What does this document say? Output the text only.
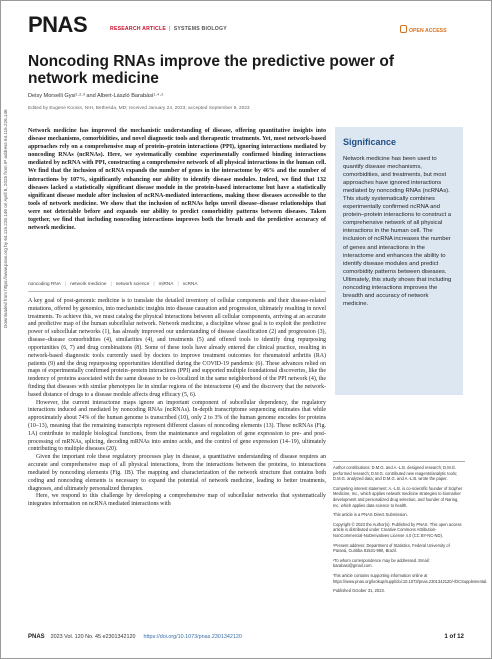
PNAS	RESEARCH ARTICLE | SYSTEMS BIOLOGY	OPEN ACCESS
Noncoding RNAs improve the predictive power of network medicine
Deisy Morselli Gysi¹·²·³ and Albert-László Barabási¹·⁴·⁵
Edited by Eugene Koonin, NIH, Bethesda, MD; received January 24, 2023; accepted September 9, 2023
Network medicine has improved the mechanistic understanding of disease, offering quantitative insights into disease mechanisms, comorbidities, and novel diagnostic tools and therapeutic treatments. Yet, most network-based approaches rely on a comprehensive map of protein–protein interactions (PPI), ignoring interactions mediated by noncoding RNAs (ncRNAs). Here, we systematically combine experimentally confirmed binding interactions mediated by ncRNA with PPI, constructing a comprehensive network of all physical interactions in the human cell. We find that the inclusion of ncRNA expands the number of genes in the interactome by 46% and the number of interactions by 107%, significantly enhancing our ability to identify disease modules. Indeed, we find that 132 diseases lacked a statistically significant disease module in the protein-based interactome but have a statistically significant disease module after inclusion of ncRNA-mediated interactions, making these diseases accessible to the tools of network medicine. We show that the inclusion of ncRNAs helps unveil disease–disease relationships that were not detectable before and expands our ability to predict comorbidity patterns between diseases. Taken together, we find that including noncoding interactions improves both the breath and the predictive accuracy of network medicine.
noncoding RNA | network medicine | network science | miRNA | ncRNA
Significance
Network medicine has been used to quantify disease mechanisms, comorbidities, and treatments, but most approaches have ignored interactions mediated by noncoding RNAs (ncRNAs). This study systematically combines experimentally confirmed ncRNA and protein–protein interactions to construct a comprehensive network of all physical interactions in the human cell. The inclusion of ncRNA increases the number of genes and interactions in the interactome and enhances the ability to identify disease modules and predict comorbidity patterns between diseases. Ultimately, this study shows that including noncoding interactions improves the breadth and accuracy of network medicine.

A key goal of post-genomic medicine is to translate the detailed inventory of cellular components and their disease-related mutations, offered by genomics, into mechanistic insights into disease causation and progression, ultimately resulting in novel treatments. To achieve this, we must catalog the physical interactions between all cellular components, arriving at an accurate and predictive map of the human subcellular network. Network medicine, a discipline whose goal is to exploit the predictive power of subcellular networks (1), has already improved our understanding of disease classification (2) and progression (3), disease–disease comorbidities (4), similarities (4), and treatments (5) and offered tools to identify drug repurposing opportunities (6, 7) and drug combinations (8). Some of these tools have already entered the clinical practice, resulting in network-based diagnostic tools currently used by doctors to improve treatment outcomes for rheumatoid arthritis (RA) patients (9) and the drug repurposing opportunities identified during the COVID-19 pandemic (6). These advances relied on maps of experimentally confirmed protein–protein interactions (PPI) and supported multiple foundational discoveries, like the tendency of proteins associated with the same disease to be co-localized in the same neighborhood of the PPI network (4), the finding that diseases with similar phenotypes lie in similar regions of the interactome (4) and the discovery that the network-based distance of drugs to a disease module affects drug efficacy (5, 6).

However, the current interactome maps ignore an important component of subcellular dependency, the regulatory interactions induced and mediated by noncoding RNAs (ncRNAs). In-depth transcriptome sequencing estimates that while approximately about 74% of the human genome is transcribed (10), only 2 to 3% of the human genome encodes for proteins (10–13), meaning that the remaining transcripts represent different classes of noncoding elements (13). These ncRNAs (Fig. 1A) contribute to multiple biological functions, from the maintenance and regulation of gene expression to pre- and post-processing of mRNAs, splicing, decoding mRNAs into amino acids, and the control of gene expression (14–19), ultimately contributing to multiple diseases (20).

Given the important role these regulatory processes play in disease, a quantitative understanding of disease requires an accurate and comprehensive map of all physical interactions, from the interactions between the proteins, to interactions mediated by noncoding elements (Fig. 1B). The mapping and characterization of the network structure that contains both coding and noncoding elements is necessary to expand the potential of network medicine, leading to better treatments, diagnoses, and ultimately personalized therapies.

Here, we respond to this challenge by developing a comprehensive map of subcellular networks that systematically integrates information on ncRNA mediated interactions with

Author contributions: D.M.G. and A.-L.B. designed research; D.M.G. performed research; D.M.G. contributed new reagents/analytic tools; D.M.G. analyzed data; and D.M.G. and A.-L.B. wrote the paper.

Competing interest statement: A.-L.B. is co-scientific founder of Scipher Medicine, Inc., which applies network medicine strategies to biomarker development and personalized drug selection, and founder of Naring, Inc. which applies data science to health.

This article is a PNAS Direct Submission.

Copyright © 2023 the Author(s). Published by PNAS. This open access article is distributed under Creative Commons Attribution-NonCommercial-NoDerivatives License 4.0 (CC BY-NC-ND).

¹Present address: Department of Statistics, Federal University of Paraná, Curitiba 81531-990, Brazil.

²To whom correspondence may be addressed. Email: barabasi@gmail.com.

This article contains supporting information online at https://www.pnas.org/lookup/suppl/doi:10.1073/pnas.2301342120/-/DCSupplemental.

Published October 31, 2023.

Downloaded from https://www.pnas.org by 64.115.226.146 on April 8, 2025 from IP address 64.115.226.146
PNAS 2023 Vol. 120 No. 45 e2301342120 https://doi.org/10.1073/pnas.2301342120	1 of 12
